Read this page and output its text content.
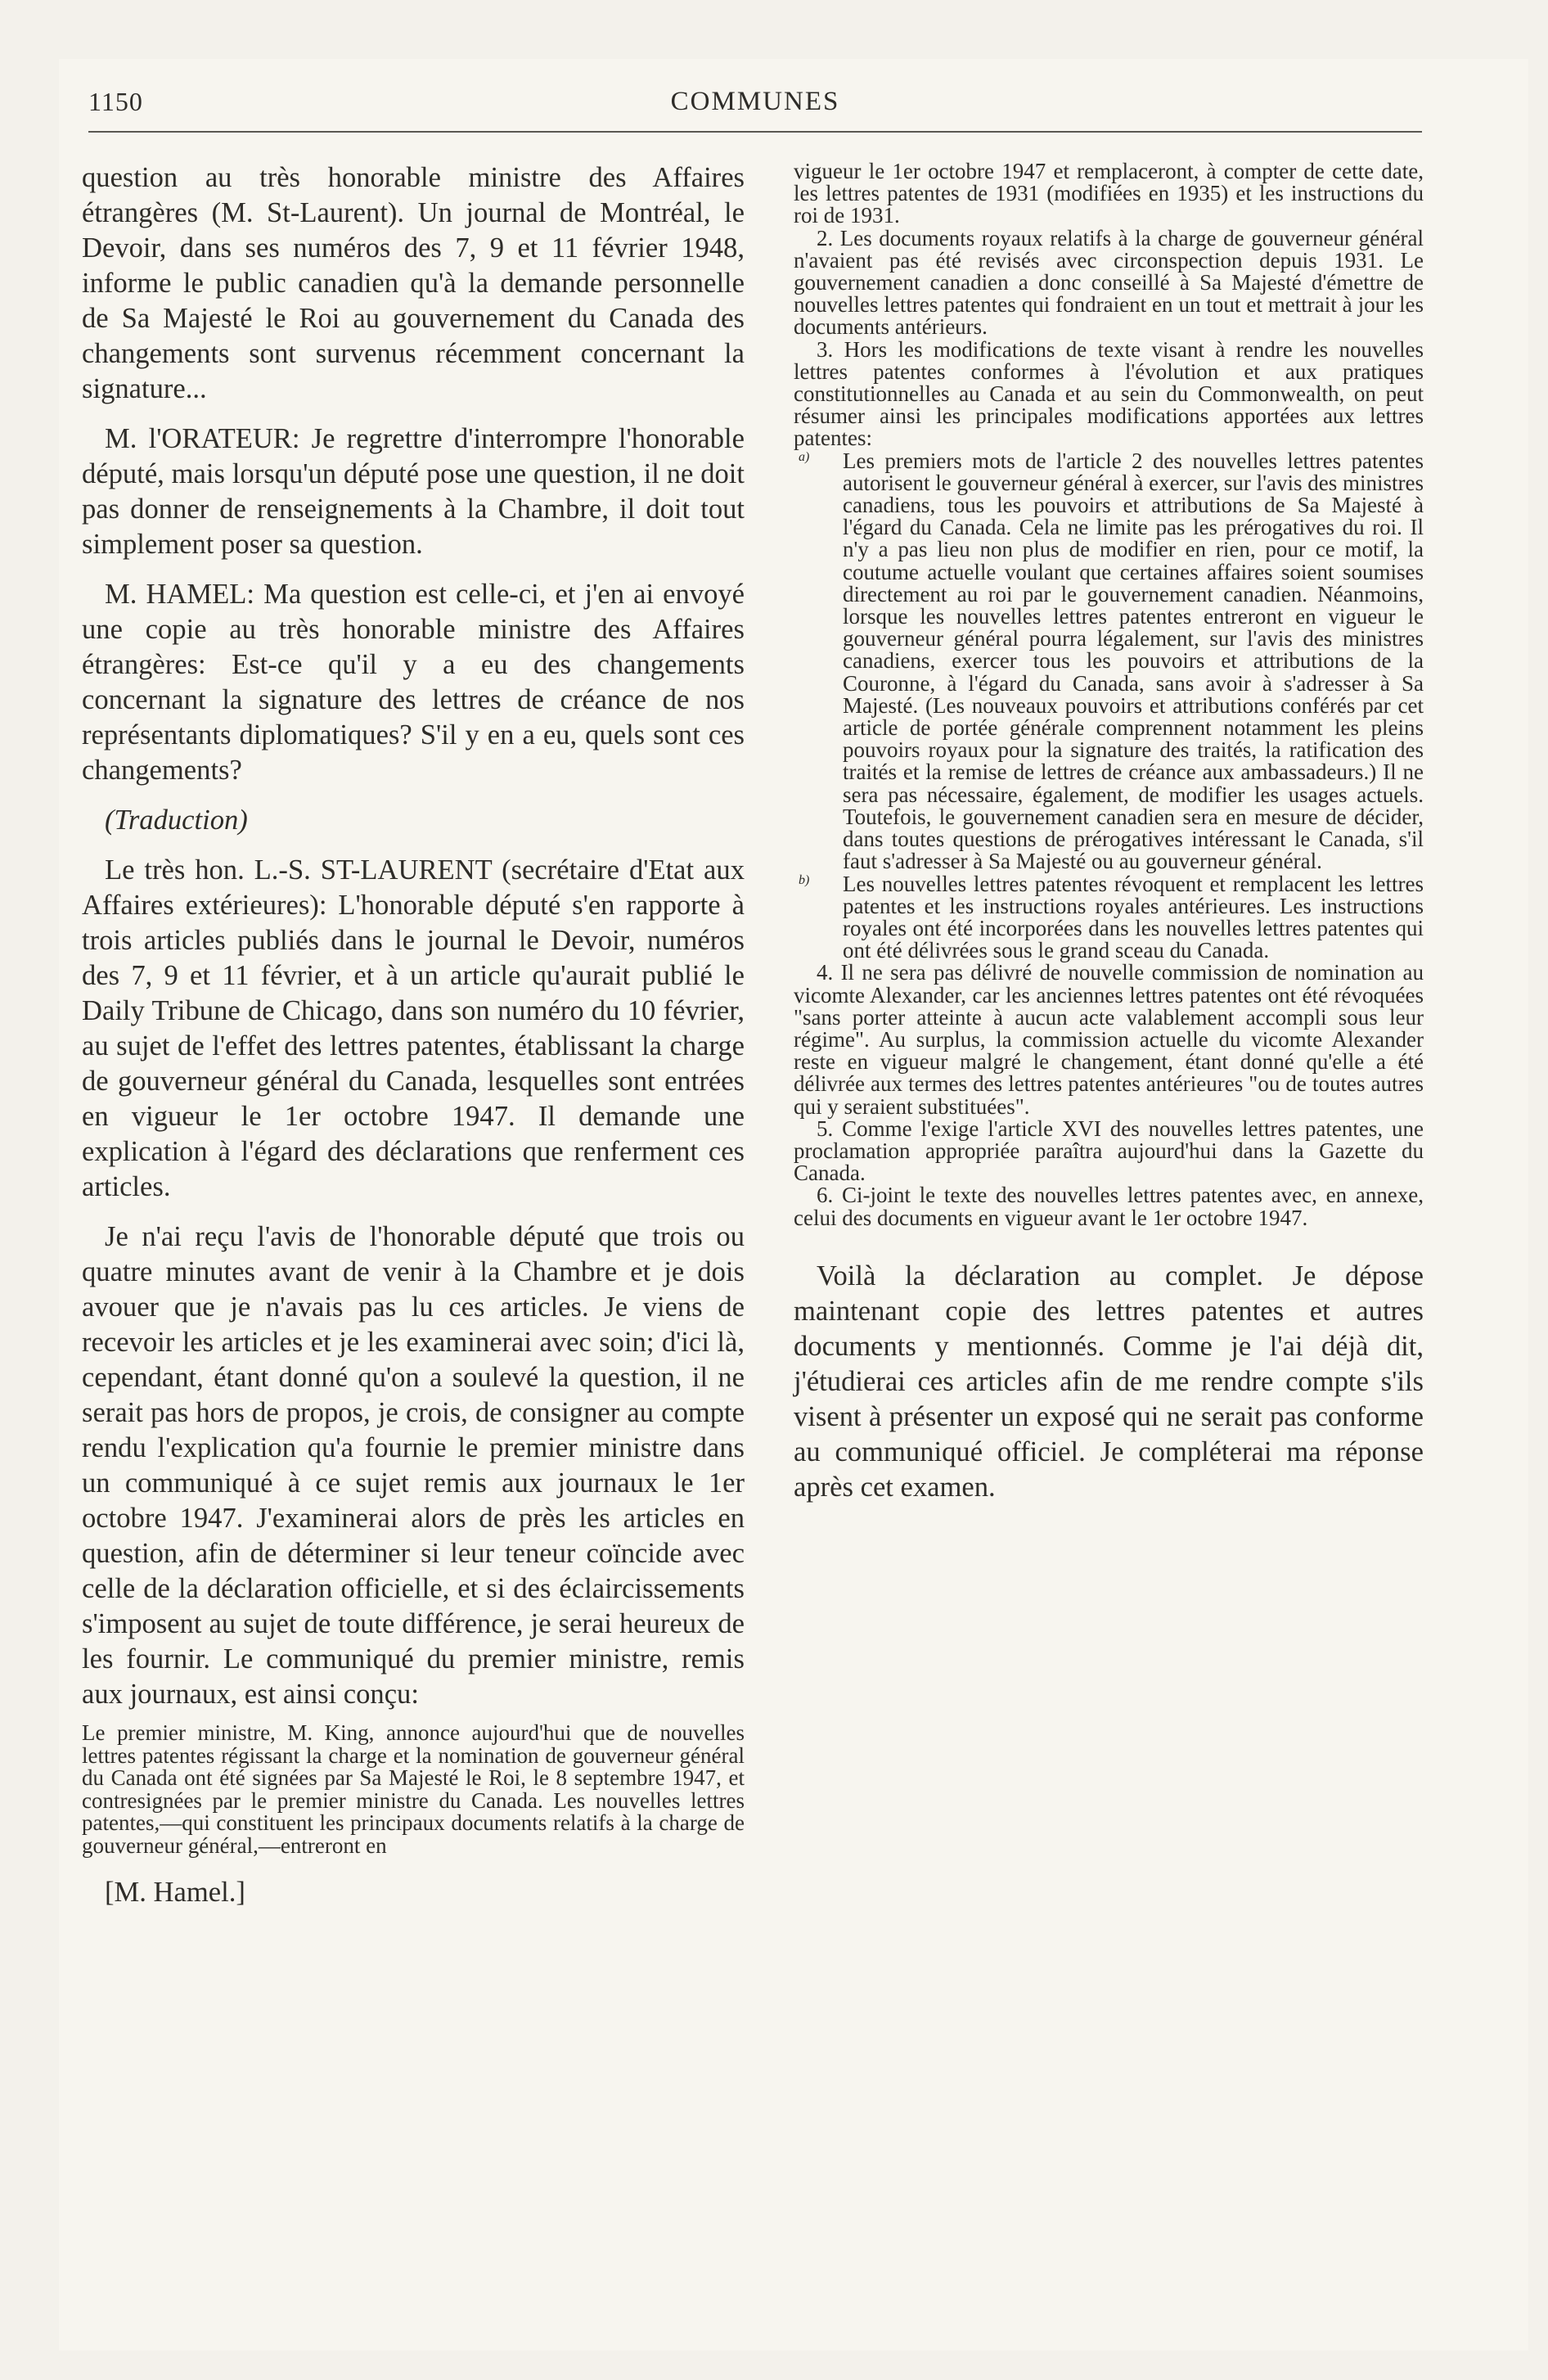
1150	COMMUNES

question au très honorable ministre des Affaires étrangères (M. St-Laurent). Un journal de Montréal, le Devoir, dans ses numéros des 7, 9 et 11 février 1948, informe le public canadien qu'à la demande personnelle de Sa Majesté le Roi au gouvernement du Canada des changements sont survenus récemment concernant la signature...

M. l'ORATEUR: Je regrettre d'interrompre l'honorable député, mais lorsqu'un député pose une question, il ne doit pas donner de renseignements à la Chambre, il doit tout simplement poser sa question.

M. HAMEL: Ma question est celle-ci, et j'en ai envoyé une copie au très honorable ministre des Affaires étrangères: Est-ce qu'il y a eu des changements concernant la signature des lettres de créance de nos représentants diplomatiques? S'il y en a eu, quels sont ces changements?

(Traduction)

Le très hon. L.-S. ST-LAURENT (secrétaire d'Etat aux Affaires extérieures): L'honorable député s'en rapporte à trois articles publiés dans le journal le Devoir, numéros des 7, 9 et 11 février, et à un article qu'aurait publié le Daily Tribune de Chicago, dans son numéro du 10 février, au sujet de l'effet des lettres patentes, établissant la charge de gouverneur général du Canada, lesquelles sont entrées en vigueur le 1er octobre 1947. Il demande une explication à l'égard des déclarations que renferment ces articles.

Je n'ai reçu l'avis de l'honorable député que trois ou quatre minutes avant de venir à la Chambre et je dois avouer que je n'avais pas lu ces articles. Je viens de recevoir les articles et je les examinerai avec soin; d'ici là, cependant, étant donné qu'on a soulevé la question, il ne serait pas hors de propos, je crois, de consigner au compte rendu l'explication qu'a fournie le premier ministre dans un communiqué à ce sujet remis aux journaux le 1er octobre 1947. J'examinerai alors de près les articles en question, afin de déterminer si leur teneur coïncide avec celle de la déclaration officielle, et si des éclaircissements s'imposent au sujet de toute différence, je serai heureux de les fournir. Le communiqué du premier ministre, remis aux journaux, est ainsi conçu:

Le premier ministre, M. King, annonce aujourd'hui que de nouvelles lettres patentes régissant la charge et la nomination de gouverneur général du Canada ont été signées par Sa Majesté le Roi, le 8 septembre 1947, et contresignées par le premier ministre du Canada. Les nouvelles lettres patentes,—qui constituent les principaux documents relatifs à la charge de gouverneur général,—entreront en

[M. Hamel.]

vigueur le 1er octobre 1947 et remplaceront, à compter de cette date, les lettres patentes de 1931 (modifiées en 1935) et les instructions du roi de 1931.

2. Les documents royaux relatifs à la charge de gouverneur général n'avaient pas été revisés avec circonspection depuis 1931. Le gouvernement canadien a donc conseillé à Sa Majesté d'émettre de nouvelles lettres patentes qui fondraient en un tout et mettrait à jour les documents antérieurs.

3. Hors les modifications de texte visant à rendre les nouvelles lettres patentes conformes à l'évolution et aux pratiques constitutionnelles au Canada et au sein du Commonwealth, on peut résumer ainsi les principales modifications apportées aux lettres patentes:

a) Les premiers mots de l'article 2 des nouvelles lettres patentes autorisent le gouverneur général à exercer, sur l'avis des ministres canadiens, tous les pouvoirs et attributions de Sa Majesté à l'égard du Canada. Cela ne limite pas les prérogatives du roi. Il n'y a pas lieu non plus de modifier en rien, pour ce motif, la coutume actuelle voulant que certaines affaires soient soumises directement au roi par le gouvernement canadien. Néanmoins, lorsque les nouvelles lettres patentes entreront en vigueur le gouverneur général pourra légalement, sur l'avis des ministres canadiens, exercer tous les pouvoirs et attributions de la Couronne, à l'égard du Canada, sans avoir à s'adresser à Sa Majesté. (Les nouveaux pouvoirs et attributions conférés par cet article de portée générale comprennent notamment les pleins pouvoirs royaux pour la signature des traités, la ratification des traités et la remise de lettres de créance aux ambassadeurs.) Il ne sera pas nécessaire, également, de modifier les usages actuels. Toutefois, le gouvernement canadien sera en mesure de décider, dans toutes questions de prérogatives intéressant le Canada, s'il faut s'adresser à Sa Majesté ou au gouverneur général.

b) Les nouvelles lettres patentes révoquent et remplacent les lettres patentes et les instructions royales antérieures. Les instructions royales ont été incorporées dans les nouvelles lettres patentes qui ont été délivrées sous le grand sceau du Canada.

4. Il ne sera pas délivré de nouvelle commission de nomination au vicomte Alexander, car les anciennes lettres patentes ont été révoquées "sans porter atteinte à aucun acte valablement accompli sous leur régime". Au surplus, la commission actuelle du vicomte Alexander reste en vigueur malgré le changement, étant donné qu'elle a été délivrée aux termes des lettres patentes antérieures "ou de toutes autres qui y seraient substituées".

5. Comme l'exige l'article XVI des nouvelles lettres patentes, une proclamation appropriée paraîtra aujourd'hui dans la Gazette du Canada.

6. Ci-joint le texte des nouvelles lettres patentes avec, en annexe, celui des documents en vigueur avant le 1er octobre 1947.

Voilà la déclaration au complet. Je dépose maintenant copie des lettres patentes et autres documents y mentionnés. Comme je l'ai déjà dit, j'étudierai ces articles afin de me rendre compte s'ils visent à présenter un exposé qui ne serait pas conforme au communiqué officiel. Je compléterai ma réponse après cet examen.
